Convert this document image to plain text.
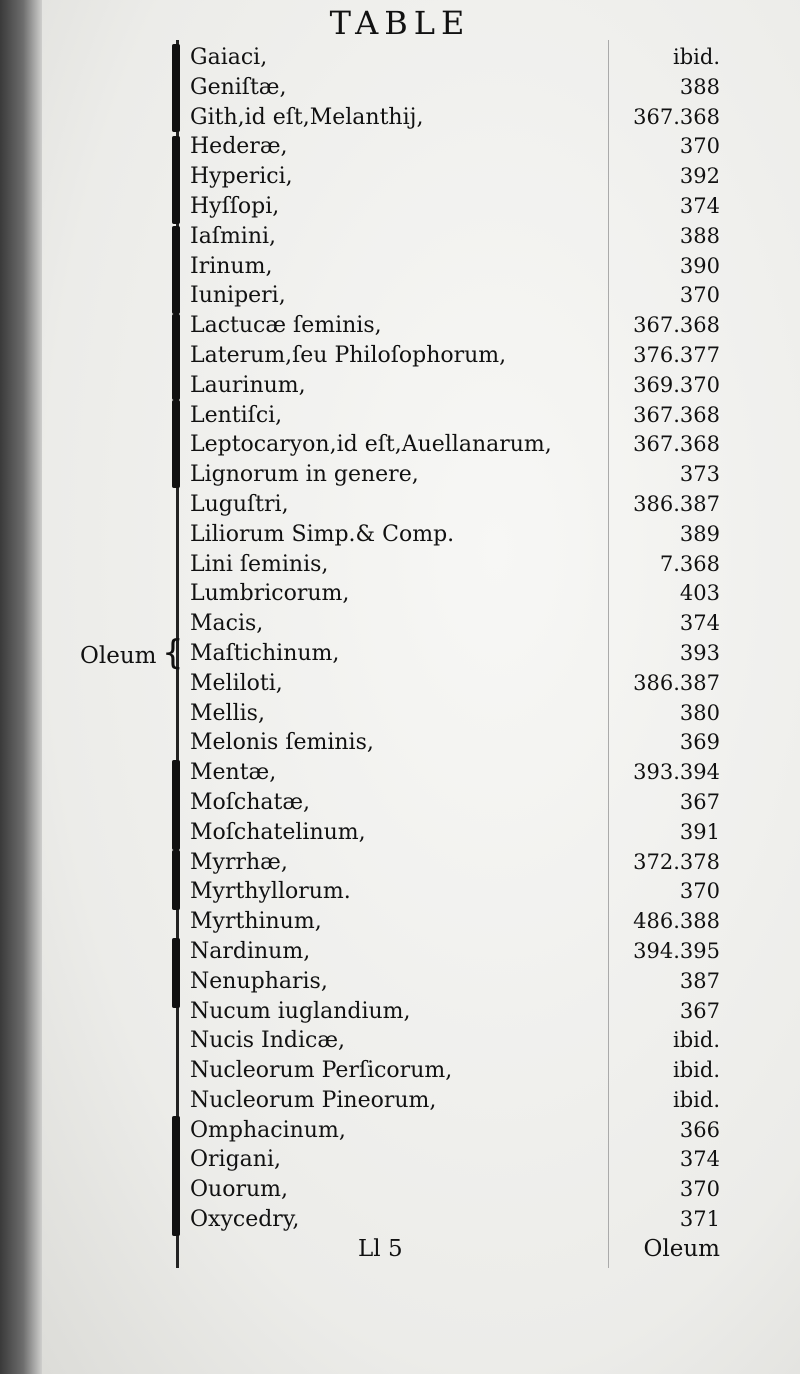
TABLE
Oleum {
Gaiaci,	ibid.
Geniſtæ,	388
Gith,id eſt,Melanthij,	367.368
Hederæ,	370
Hyperici,	392
Hyſſopi,	374
Iaſmini,	388
Irinum,	390
Iuniperi,	370
Lactucæ ſeminis,	367.368
Laterum,ſeu Philoſophorum,	376.377
Laurinum,	369.370
Lentiſci,	367.368
Leptocaryon,id eſt,Auellanarum,	367.368
Lignorum in genere,	373
Luguſtri,	386.387
Liliorum Simp.& Comp.	389
Lini ſeminis,	7.368
Lumbricorum,	403
Macis,	374
Maſtichinum,	393
Meliloti,	386.387
Mellis,	380
Melonis ſeminis,	369
Mentæ,	393.394
Moſchatæ,	367
Moſchatelinum,	391
Myrrhæ,	372.378
Myrthyllorum.	370
Myrthinum,	486.388
Nardinum,	394.395
Nenupharis,	387
Nucum iuglandium,	367
Nucis Indicæ,	ibid.
Nucleorum Perſicorum,	ibid.
Nucleorum Pineorum,	ibid.
Omphacinum,	366
Origani,	374
Ouorum,	370
Oxycedry,	371
Ll 5	Oleum
